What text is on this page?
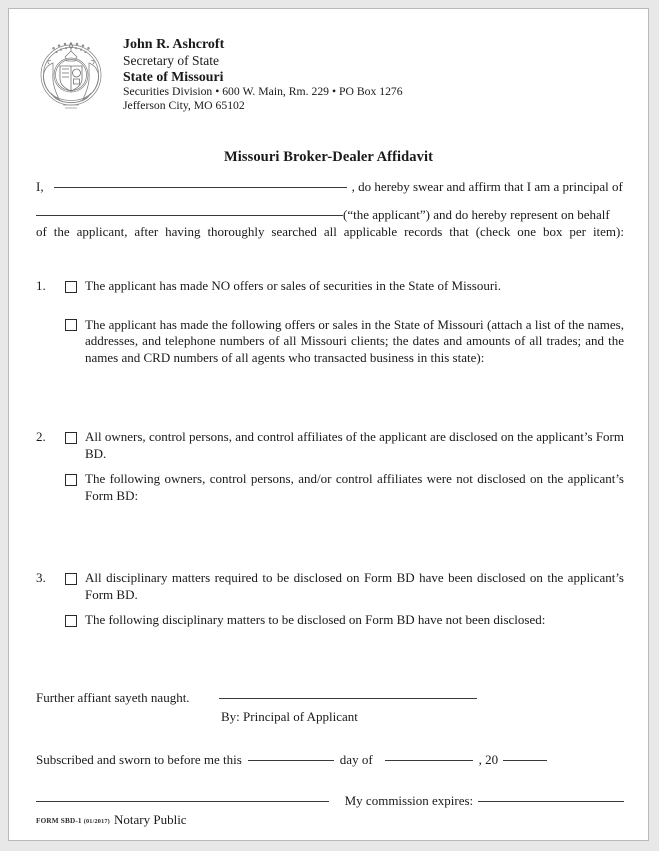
John R. Ashcroft
Secretary of State
State of Missouri
Securities Division • 600 W. Main, Rm. 229 • PO Box 1276
Jefferson City, MO 65102
Missouri Broker-Dealer Affidavit
I,	, do hereby swear and affirm that I am a principal of
(“the applicant”) and do hereby represent on behalf
of the applicant, after having thoroughly searched all applicable records that (check one box per item):
1.	The applicant has made NO offers or sales of securities in the State of Missouri.
The applicant has made the following offers or sales in the State of Missouri (attach a list of the names, addresses, and telephone numbers of all Missouri clients; the dates and amounts of all trades; and the names and CRD numbers of all agents who transacted business in this state):
2.	All owners, control persons, and control affiliates of the applicant are disclosed on the applicant’s Form BD.
The following owners, control persons, and/or control affiliates were not disclosed on the applicant’s Form BD:
3.	All disciplinary matters required to be disclosed on Form BD have been disclosed on the applicant’s Form BD.
The following disciplinary matters to be disclosed on Form BD have not been disclosed:
Further affiant sayeth naught.
By: Principal of Applicant
Subscribed and sworn to before me this	day of	, 20
My commission expires:
Notary Public
FORM SBD-1 (01/2017)
